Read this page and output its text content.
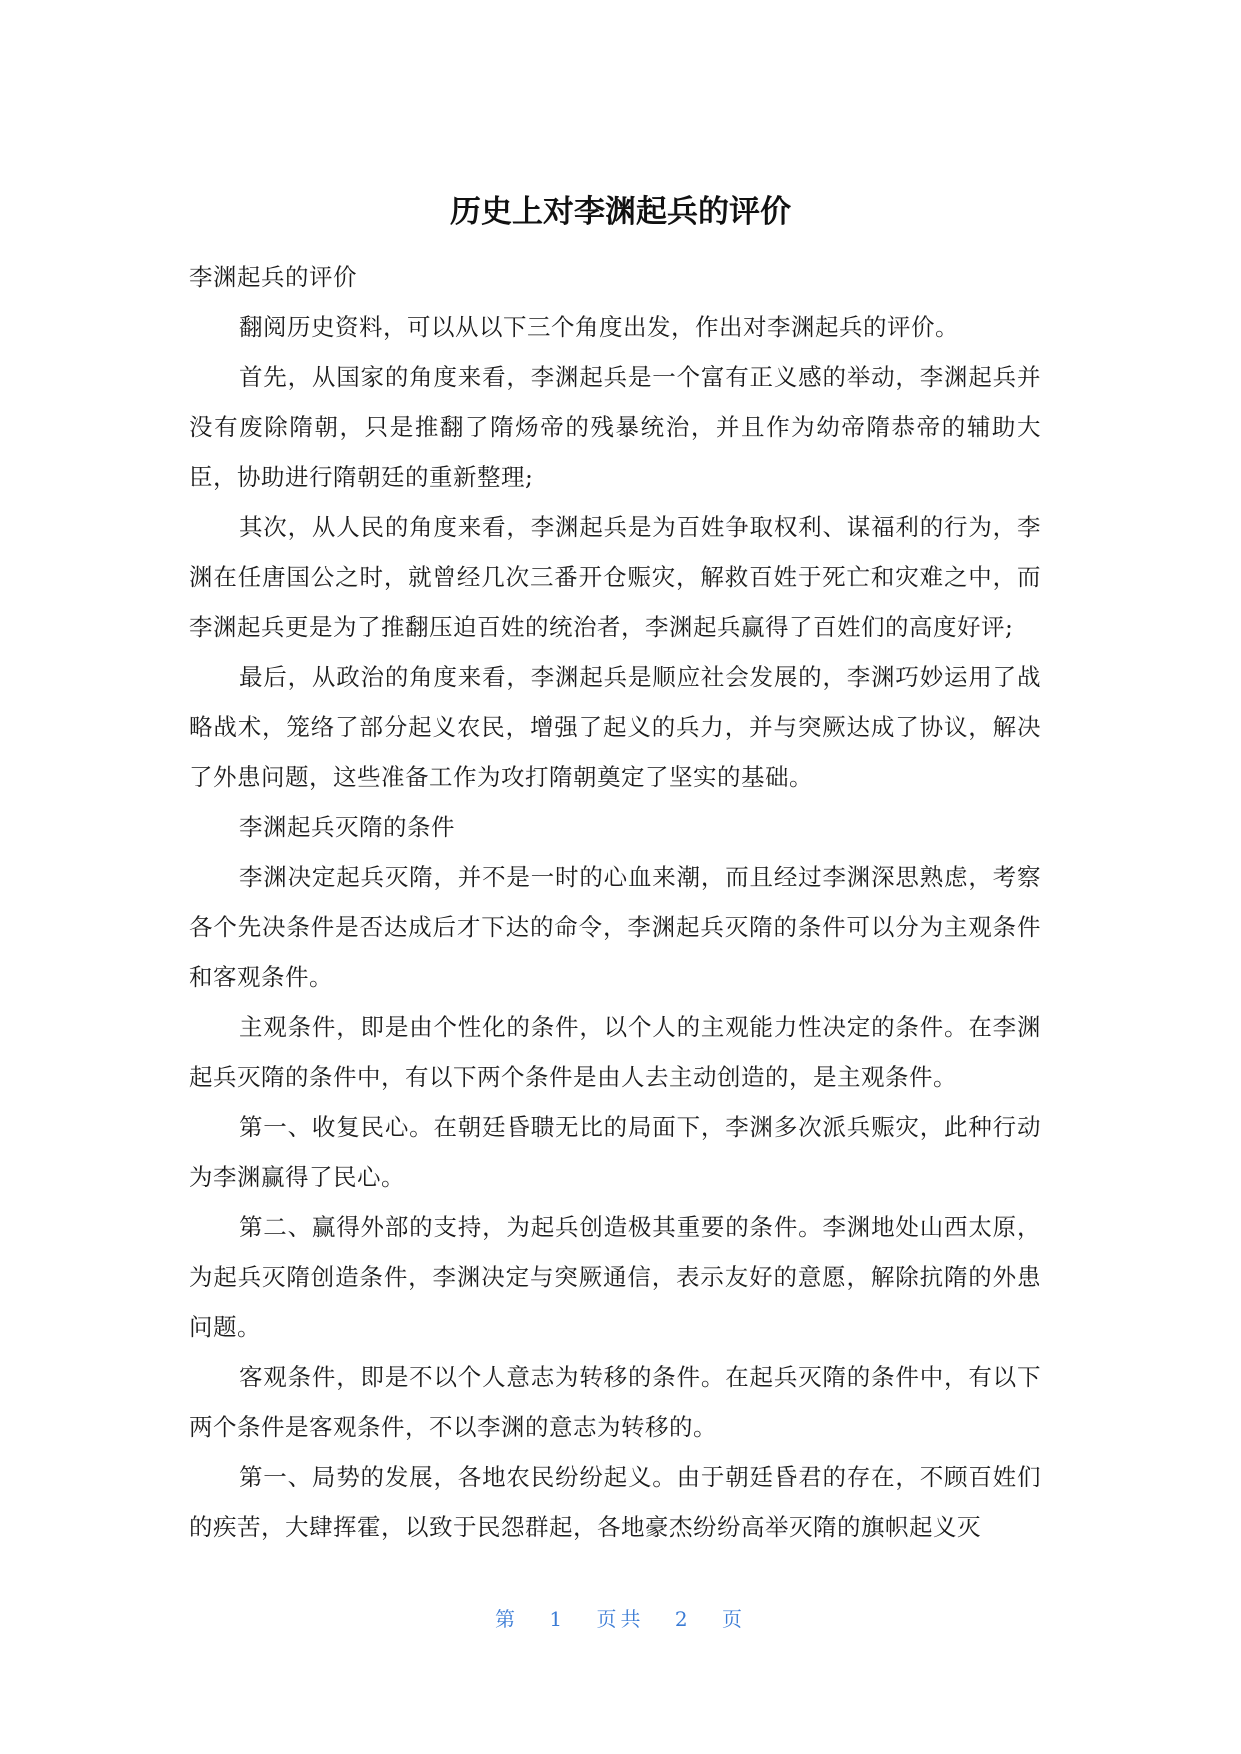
历史上对李渊起兵的评价

李渊起兵的评价

翻阅历史资料，可以从以下三个角度出发，作出对李渊起兵的评价。

首先，从国家的角度来看，李渊起兵是一个富有正义感的举动，李渊起兵并没有废除隋朝，只是推翻了隋炀帝的残暴统治，并且作为幼帝隋恭帝的辅助大臣，协助进行隋朝廷的重新整理;

其次，从人民的角度来看，李渊起兵是为百姓争取权利、谋福利的行为，李渊在任唐国公之时，就曾经几次三番开仓赈灾，解救百姓于死亡和灾难之中，而李渊起兵更是为了推翻压迫百姓的统治者，李渊起兵赢得了百姓们的高度好评;

最后，从政治的角度来看，李渊起兵是顺应社会发展的，李渊巧妙运用了战略战术，笼络了部分起义农民，增强了起义的兵力，并与突厥达成了协议，解决了外患问题，这些准备工作为攻打隋朝奠定了坚实的基础。

李渊起兵灭隋的条件

李渊决定起兵灭隋，并不是一时的心血来潮，而且经过李渊深思熟虑，考察各个先决条件是否达成后才下达的命令，李渊起兵灭隋的条件可以分为主观条件和客观条件。

主观条件，即是由个性化的条件，以个人的主观能力性决定的条件。在李渊起兵灭隋的条件中，有以下两个条件是由人去主动创造的，是主观条件。

第一、收复民心。在朝廷昏聩无比的局面下，李渊多次派兵赈灾，此种行动为李渊赢得了民心。

第二、赢得外部的支持，为起兵创造极其重要的条件。李渊地处山西太原，为起兵灭隋创造条件，李渊决定与突厥通信，表示友好的意愿，解除抗隋的外患问题。

客观条件，即是不以个人意志为转移的条件。在起兵灭隋的条件中，有以下两个条件是客观条件，不以李渊的意志为转移的。

第一、局势的发展，各地农民纷纷起义。由于朝廷昏君的存在，不顾百姓们的疾苦，大肆挥霍，以致于民怨群起，各地豪杰纷纷高举灭隋的旗帜起义灭

第 1 页共 2 页
